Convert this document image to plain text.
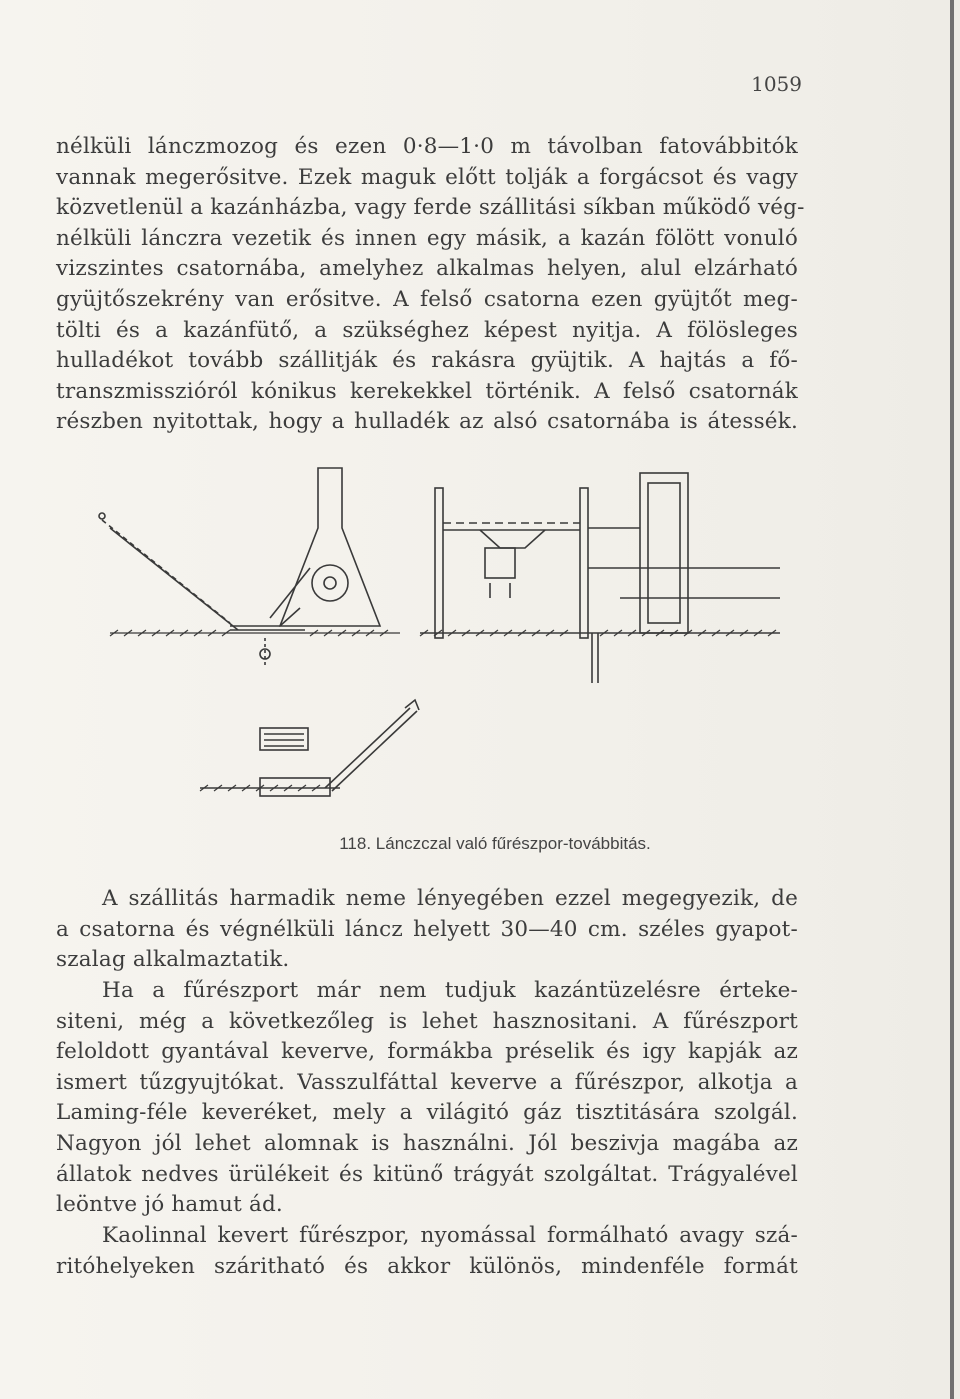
1059
nélküli lánczmozog és ezen 0·8—1·0 m távolban fatovábbitók
vannak megerősitve. Ezek maguk előtt tolják a forgácsot és vagy
közvetlenül a kazánházba, vagy ferde szállitási síkban működő vég-
nélküli lánczra vezetik és innen egy másik, a kazán fölött vonuló
vizszintes csatornába, amelyhez alkalmas helyen, alul elzárható
gyüjtőszekrény van erősitve. A felső csatorna ezen gyüjtőt meg-
tölti és a kazánfütő, a szükséghez képest nyitja. A fölösleges
hulladékot tovább szállitják és rakásra gyüjtik. A hajtás a fő-
transzmisszióról kónikus kerekekkel történik. A felső csatornák
részben nyitottak, hogy a hulladék az alsó csatornába is átessék.
118. Lánczczal való fűrészpor-továbbitás.
A szállitás harmadik neme lényegében ezzel megegyezik, de
a csatorna és végnélküli láncz helyett 30—40 cm. széles gyapot-
szalag alkalmaztatik.
Ha a fűrészport már nem tudjuk kazántüzelésre érteke-
siteni, még a következőleg is lehet hasznositani. A fűrészport
feloldott gyantával keverve, formákba préselik és igy kapják az
ismert tűzgyujtókat. Vasszulfáttal keverve a fűrészpor, alkotja a
Laming-féle keveréket, mely a világitó gáz tisztitására szolgál.
Nagyon jól lehet alomnak is használni. Jól beszivja magába az
állatok nedves ürülékeit és kitünő trágyát szolgáltat. Trágyalével
leöntve jó hamut ád.
Kaolinnal kevert fűrészpor, nyomással formálható avagy szá-
ritóhelyeken száritható és akkor különös, mindenféle formát
